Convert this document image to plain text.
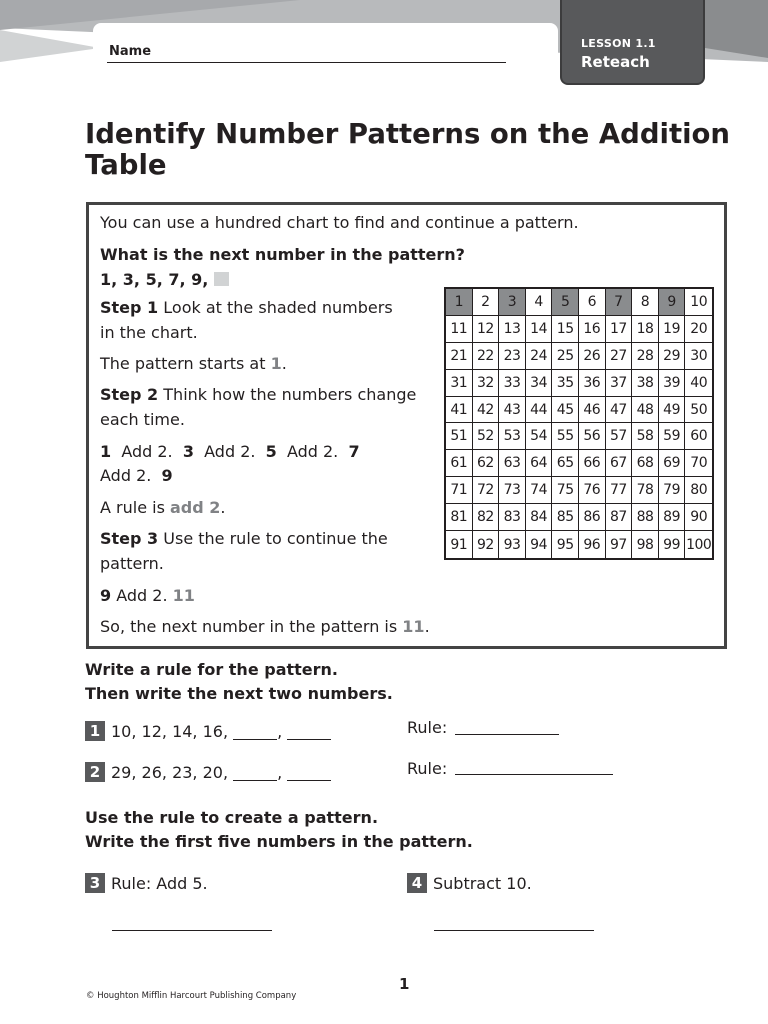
Name
LESSON 1.1
Reteach
Identify Number Patterns on the Addition Table
You can use a hundred chart to find and continue a pattern.
What is the next number in the pattern?
1, 3, 5, 7, 9,
Step 1 Look at the shaded numbers
in the chart.
The pattern starts at 1.
Step 2 Think how the numbers change
each time.
1 Add 2. 3 Add 2. 5 Add 2. 7
Add 2. 9
A rule is add 2.
Step 3 Use the rule to continue the
pattern.
9 Add 2. 11
So, the next number in the pattern is 11.
1	2	3	4	5	6	7	8	9	10
11 12 13 14 15 16 17 18 19 20
21 22 23 24 25 26 27 28 29 30
31 32 33 34 35 36 37 38 39 40
41 42 43 44 45 46 47 48 49 50
51 52 53 54 55 56 57 58 59 60
61 62 63 64 65 66 67 68 69 70
71 72 73 74 75 76 77 78 79 80
81 82 83 84 85 86 87 88 89 90
91 92 93 94 95 96 97 98 99 100
Write a rule for the pattern.
Then write the next two numbers.
1 10, 12, 14, 16,	,	Rule:
2 29, 26, 23, 20,	,	Rule:
Use the rule to create a pattern.
Write the first five numbers in the pattern.
3 Rule: Add 5.	4 Subtract 10.
1
© Houghton Mifflin Harcourt Publishing Company
